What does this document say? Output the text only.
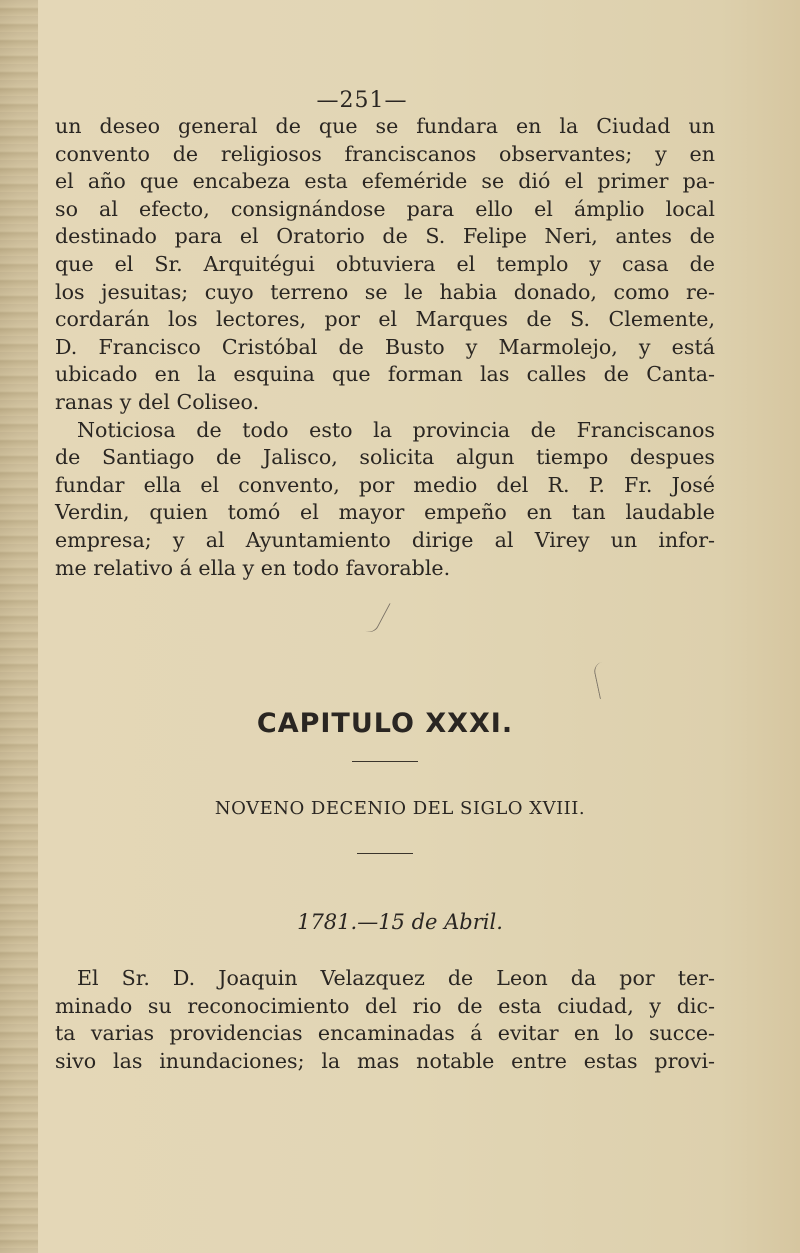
—251—
un deseo general de que se fundara en la Ciudad un
convento de religiosos franciscanos observantes; y en
el año que encabeza esta efeméride se dió el primer pa-
so al efecto, consignándose para ello el ámplio local
destinado para el Oratorio de S. Felipe Neri, antes de
que el Sr. Arquitégui obtuviera el templo y casa de
los jesuitas; cuyo terreno se le habia donado, como re-
cordarán los lectores, por el Marques de S. Clemente,
D. Francisco Cristóbal de Busto y Marmolejo, y está
ubicado en la esquina que forman las calles de Canta-
ranas y del Coliseo.
Noticiosa de todo esto la provincia de Franciscanos
de Santiago de Jalisco, solicita algun tiempo despues
fundar ella el convento, por medio del R. P. Fr. José
Verdin, quien tomó el mayor empeño en tan laudable
empresa; y al Ayuntamiento dirige al Virey un infor-
me relativo á ella y en todo favorable.
CAPITULO XXXI.
NOVENO DECENIO DEL SIGLO XVIII.
1781.—15 de Abril.
El Sr. D. Joaquin Velazquez de Leon da por ter-
minado su reconocimiento del rio de esta ciudad, y dic-
ta varias providencias encaminadas á evitar en lo succe-
sivo las inundaciones; la mas notable entre estas provi-
